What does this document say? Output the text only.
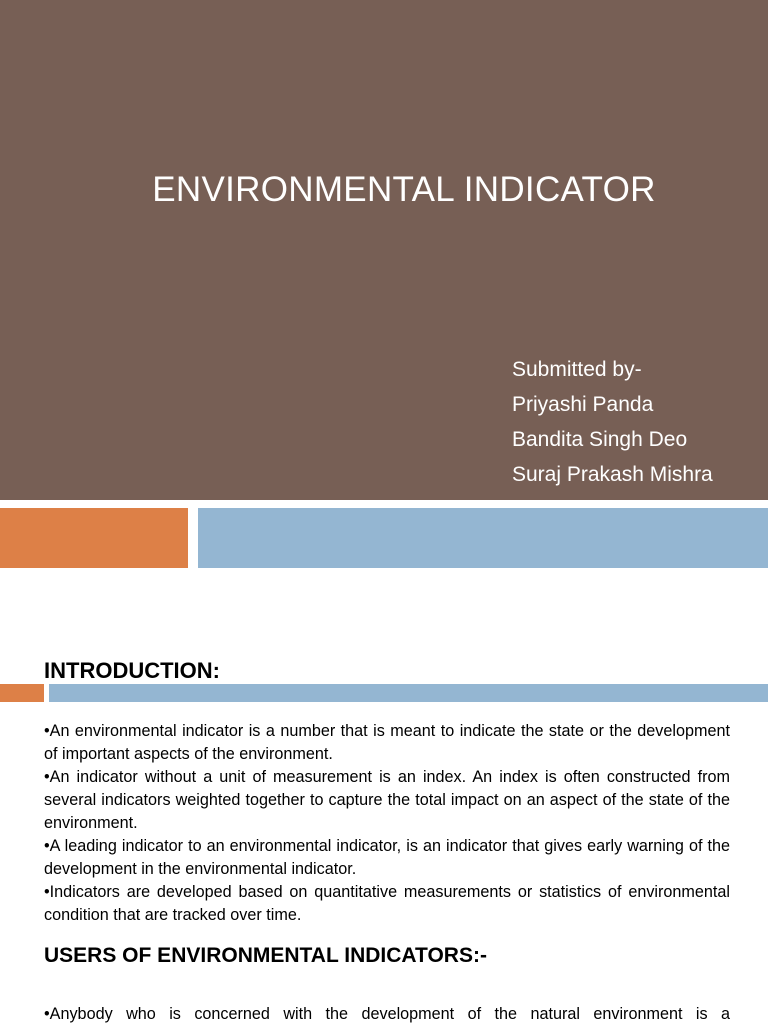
ENVIRONMENTAL INDICATOR
Submitted by-
Priyashi Panda
Bandita Singh Deo
Suraj Prakash Mishra
INTRODUCTION:

•An environmental indicator is a number that is meant to indicate the state or the development of important aspects of the environment.

•An indicator without a unit of measurement is an index. An index is often constructed from several indicators weighted together to capture the total impact on an aspect of the state of the environment.

•A leading indicator to an environmental indicator, is an indicator that gives early warning of the development in the environmental indicator.

•Indicators are developed based on quantitative measurements or statistics of environmental condition that are tracked over time.

USERS OF ENVIRONMENTAL INDICATORS:-

•Anybody who is concerned with the development of the natural environment is a
